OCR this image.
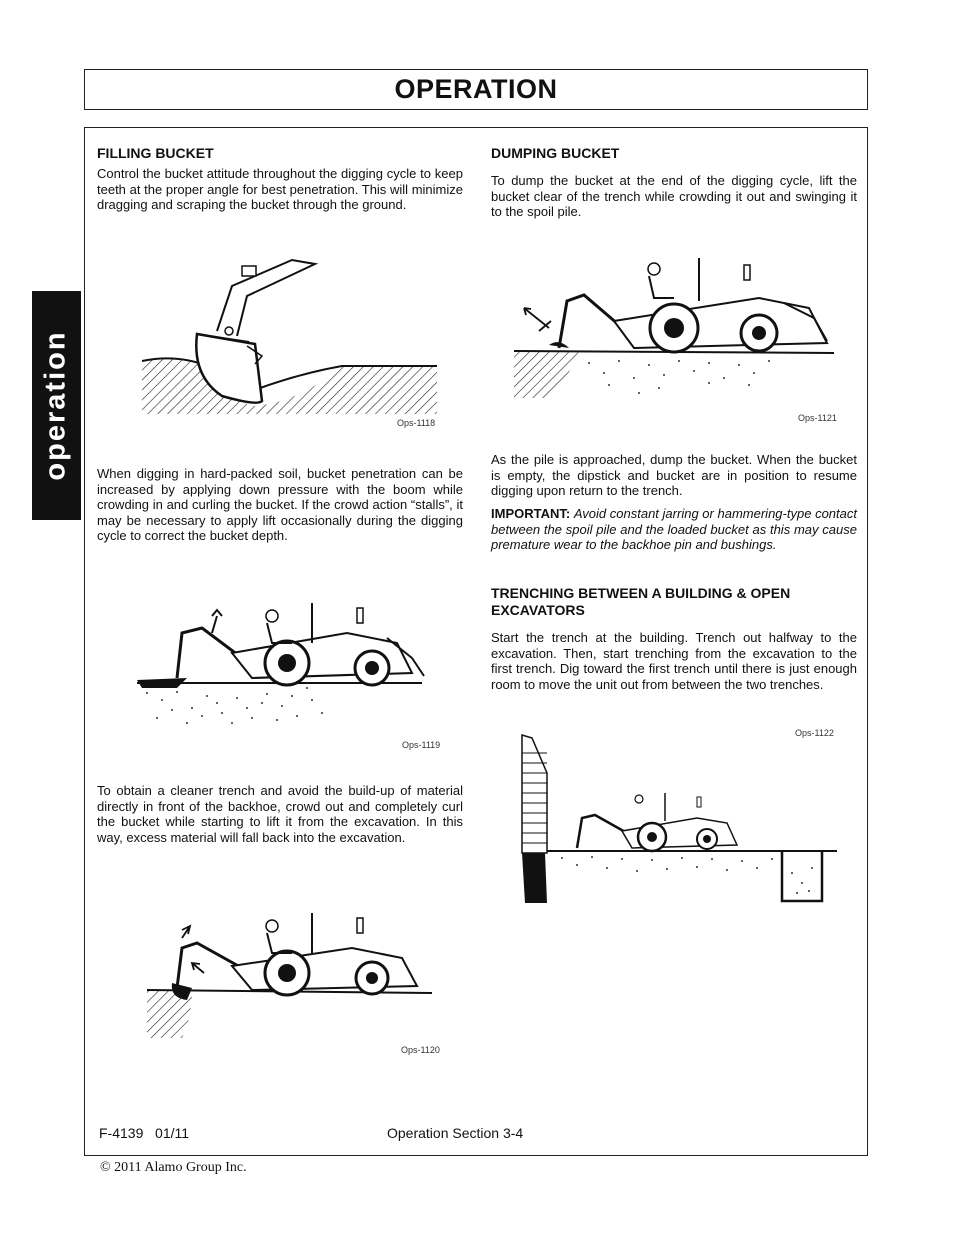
OPERATION
operation
FILLING BUCKET
Control the bucket attitude throughout the digging cycle to keep teeth at the proper angle for best penetration. This will minimize dragging and scraping the bucket through the ground.
Ops-1118
When digging in hard-packed soil, bucket penetration can be increased by applying down pressure with the boom while crowding in and curling the bucket. If the crowd action “stalls”, it may be necessary to apply lift occasionally during the digging cycle to correct the bucket depth.
Ops-1119
To obtain a cleaner trench and avoid the build-up of material directly in front of the backhoe, crowd out and completely curl the bucket while starting to lift it from the excavation. In this way, excess material will fall back into the excavation.
Ops-1120
DUMPING BUCKET
To dump the bucket at the end of the digging cycle, lift the bucket clear of the trench while crowding it out and swinging it to the spoil pile.
Ops-1121
As the pile is approached, dump the bucket. When the bucket is empty, the dipstick and bucket are in position to resume digging upon return to the trench.
IMPORTANT: Avoid constant jarring or hammering-type contact between the spoil pile and the loaded bucket as this may cause premature wear to the backhoe pin and bushings.
TRENCHING BETWEEN A BUILDING & OPEN EXCAVATORS
Start the trench at the building. Trench out halfway to the excavation. Then, start trenching from the excavation to the first trench. Dig toward the first trench until there is just enough room to move the unit out from between the two trenches.
Ops-1122
F-4139   01/11	Operation Section 3-4
© 2011 Alamo Group Inc.
